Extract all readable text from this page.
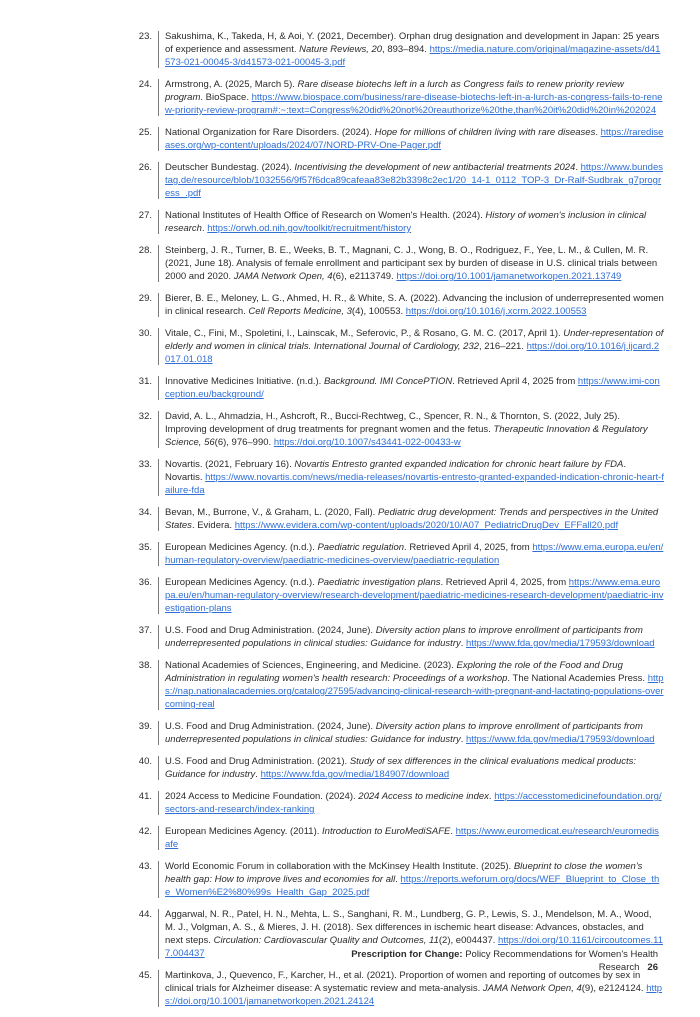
23. Sakushima, K., Takeda, H, & Aoi, Y. (2021, December). Orphan drug designation and development in Japan: 25 years of experience and assessment. Nature Reviews, 20, 893–894. https://media.nature.com/original/magazine-assets/d41573-021-00045-3/d41573-021-00045-3.pdf
24. Armstrong, A. (2025, March 5). Rare disease biotechs left in a lurch as Congress fails to renew priority review program. BioSpace. https://www.biospace.com/business/rare-disease-biotechs-left-in-a-lurch-as-congress-fails-to-renew-priority-review-program#:~:text=Congress%20did%20not%20reauthorize%20the,than%20it%20did%20in%202024
25. National Organization for Rare Disorders. (2024). Hope for millions of children living with rare diseases. https://rarediseases.org/wp-content/uploads/2024/07/NORD-PRV-One-Pager.pdf
26. Deutscher Bundestag. (2024). Incentivising the development of new antibacterial treatments 2024. https://www.bundestag.de/resource/blob/1032556/9f57f6dca89cafeaa83e82b3398c2ec1/20_14-1_0112_TOP-3_Dr-Ralf-Sudbrak_g7progress_.pdf
27. National Institutes of Health Office of Research on Women's Health. (2024). History of women's inclusion in clinical research. https://orwh.od.nih.gov/toolkit/recruitment/history
28. Steinberg, J. R., Turner, B. E., Weeks, B. T., Magnani, C. J., Wong, B. O., Rodriguez, F., Yee, L. M., & Cullen, M. R. (2021, June 18). Analysis of female enrollment and participant sex by burden of disease in U.S. clinical trials between 2000 and 2020. JAMA Network Open, 4(6), e2113749. https://doi.org/10.1001/jamanetworkopen.2021.13749
29. Bierer, B. E., Meloney, L. G., Ahmed, H. R., & White, S. A. (2022). Advancing the inclusion of underrepresented women in clinical research. Cell Reports Medicine, 3(4), 100553. https://doi.org/10.1016/j.xcrm.2022.100553
30. Vitale, C., Fini, M., Spoletini, I., Lainscak, M., Seferovic, P., & Rosano, G. M. C. (2017, April 1). Under-representation of elderly and women in clinical trials. International Journal of Cardiology, 232, 216–221. https://doi.org/10.1016/j.ijcard.2017.01.018
31. Innovative Medicines Initiative. (n.d.). Background. IMI ConcePTION. Retrieved April 4, 2025 from https://www.imi-conception.eu/background/
32. David, A. L., Ahmadzia, H., Ashcroft, R., Bucci-Rechtweg, C., Spencer, R. N., & Thornton, S. (2022, July 25). Improving development of drug treatments for pregnant women and the fetus. Therapeutic Innovation & Regulatory Science, 56(6), 976–990. https://doi.org/10.1007/s43441-022-00433-w
33. Novartis. (2021, February 16). Novartis Entresto granted expanded indication for chronic heart failure by FDA. Novartis. https://www.novartis.com/news/media-releases/novartis-entresto-granted-expanded-indication-chronic-heart-failure-fda
34. Bevan, M., Burrone, V., & Graham, L. (2020, Fall). Pediatric drug development: Trends and perspectives in the United States. Evidera. https://www.evidera.com/wp-content/uploads/2020/10/A07_PediatricDrugDev_EFFall20.pdf
35. European Medicines Agency. (n.d.). Paediatric regulation. Retrieved April 4, 2025, from https://www.ema.europa.eu/en/human-regulatory-overview/paediatric-medicines-overview/paediatric-regulation
36. European Medicines Agency. (n.d.). Paediatric investigation plans. Retrieved April 4, 2025, from https://www.ema.europa.eu/en/human-regulatory-overview/research-development/paediatric-medicines-research-development/paediatric-investigation-plans
37. U.S. Food and Drug Administration. (2024, June). Diversity action plans to improve enrollment of participants from underrepresented populations in clinical studies: Guidance for industry. https://www.fda.gov/media/179593/download
38. National Academies of Sciences, Engineering, and Medicine. (2023). Exploring the role of the Food and Drug Administration in regulating women's health research: Proceedings of a workshop. The National Academies Press. https://nap.nationalacademies.org/catalog/27595/advancing-clinical-research-with-pregnant-and-lactating-populations-overcoming-real
39. U.S. Food and Drug Administration. (2024, June). Diversity action plans to improve enrollment of participants from underrepresented populations in clinical studies: Guidance for industry. https://www.fda.gov/media/179593/download
40. U.S. Food and Drug Administration. (2021). Study of sex differences in the clinical evaluations medical products: Guidance for industry. https://www.fda.gov/media/184907/download
41. 2024 Access to Medicine Foundation. (2024). 2024 Access to medicine index. https://accesstomedicinefoundation.org/sectors-and-research/index-ranking
42. European Medicines Agency. (2011). Introduction to EuroMediSAFE. https://www.euromedicat.eu/research/euromedisafe
43. World Economic Forum in collaboration with the McKinsey Health Institute. (2025). Blueprint to close the women's health gap: How to improve lives and economies for all. https://reports.weforum.org/docs/WEF_Blueprint_to_Close_the_Women%E2%80%99s_Health_Gap_2025.pdf
44. Aggarwal, N. R., Patel, H. N., Mehta, L. S., Sanghani, R. M., Lundberg, G. P., Lewis, S. J., Mendelson, M. A., Wood, M. J., Volgman, A. S., & Mieres, J. H. (2018). Sex differences in ischemic heart disease: Advances, obstacles, and next steps. Circulation: Cardiovascular Quality and Outcomes, 11(2), e004437. https://doi.org/10.1161/circoutcomes.117.004437
45. Martinkova, J., Quevenco, F., Karcher, H., et al. (2021). Proportion of women and reporting of outcomes by sex in clinical trials for Alzheimer disease: A systematic review and meta-analysis. JAMA Network Open, 4(9), e2124124. https://doi.org/10.1001/jamanetworkopen.2021.24124
Prescription for Change: Policy Recommendations for Women's Health Research 26
